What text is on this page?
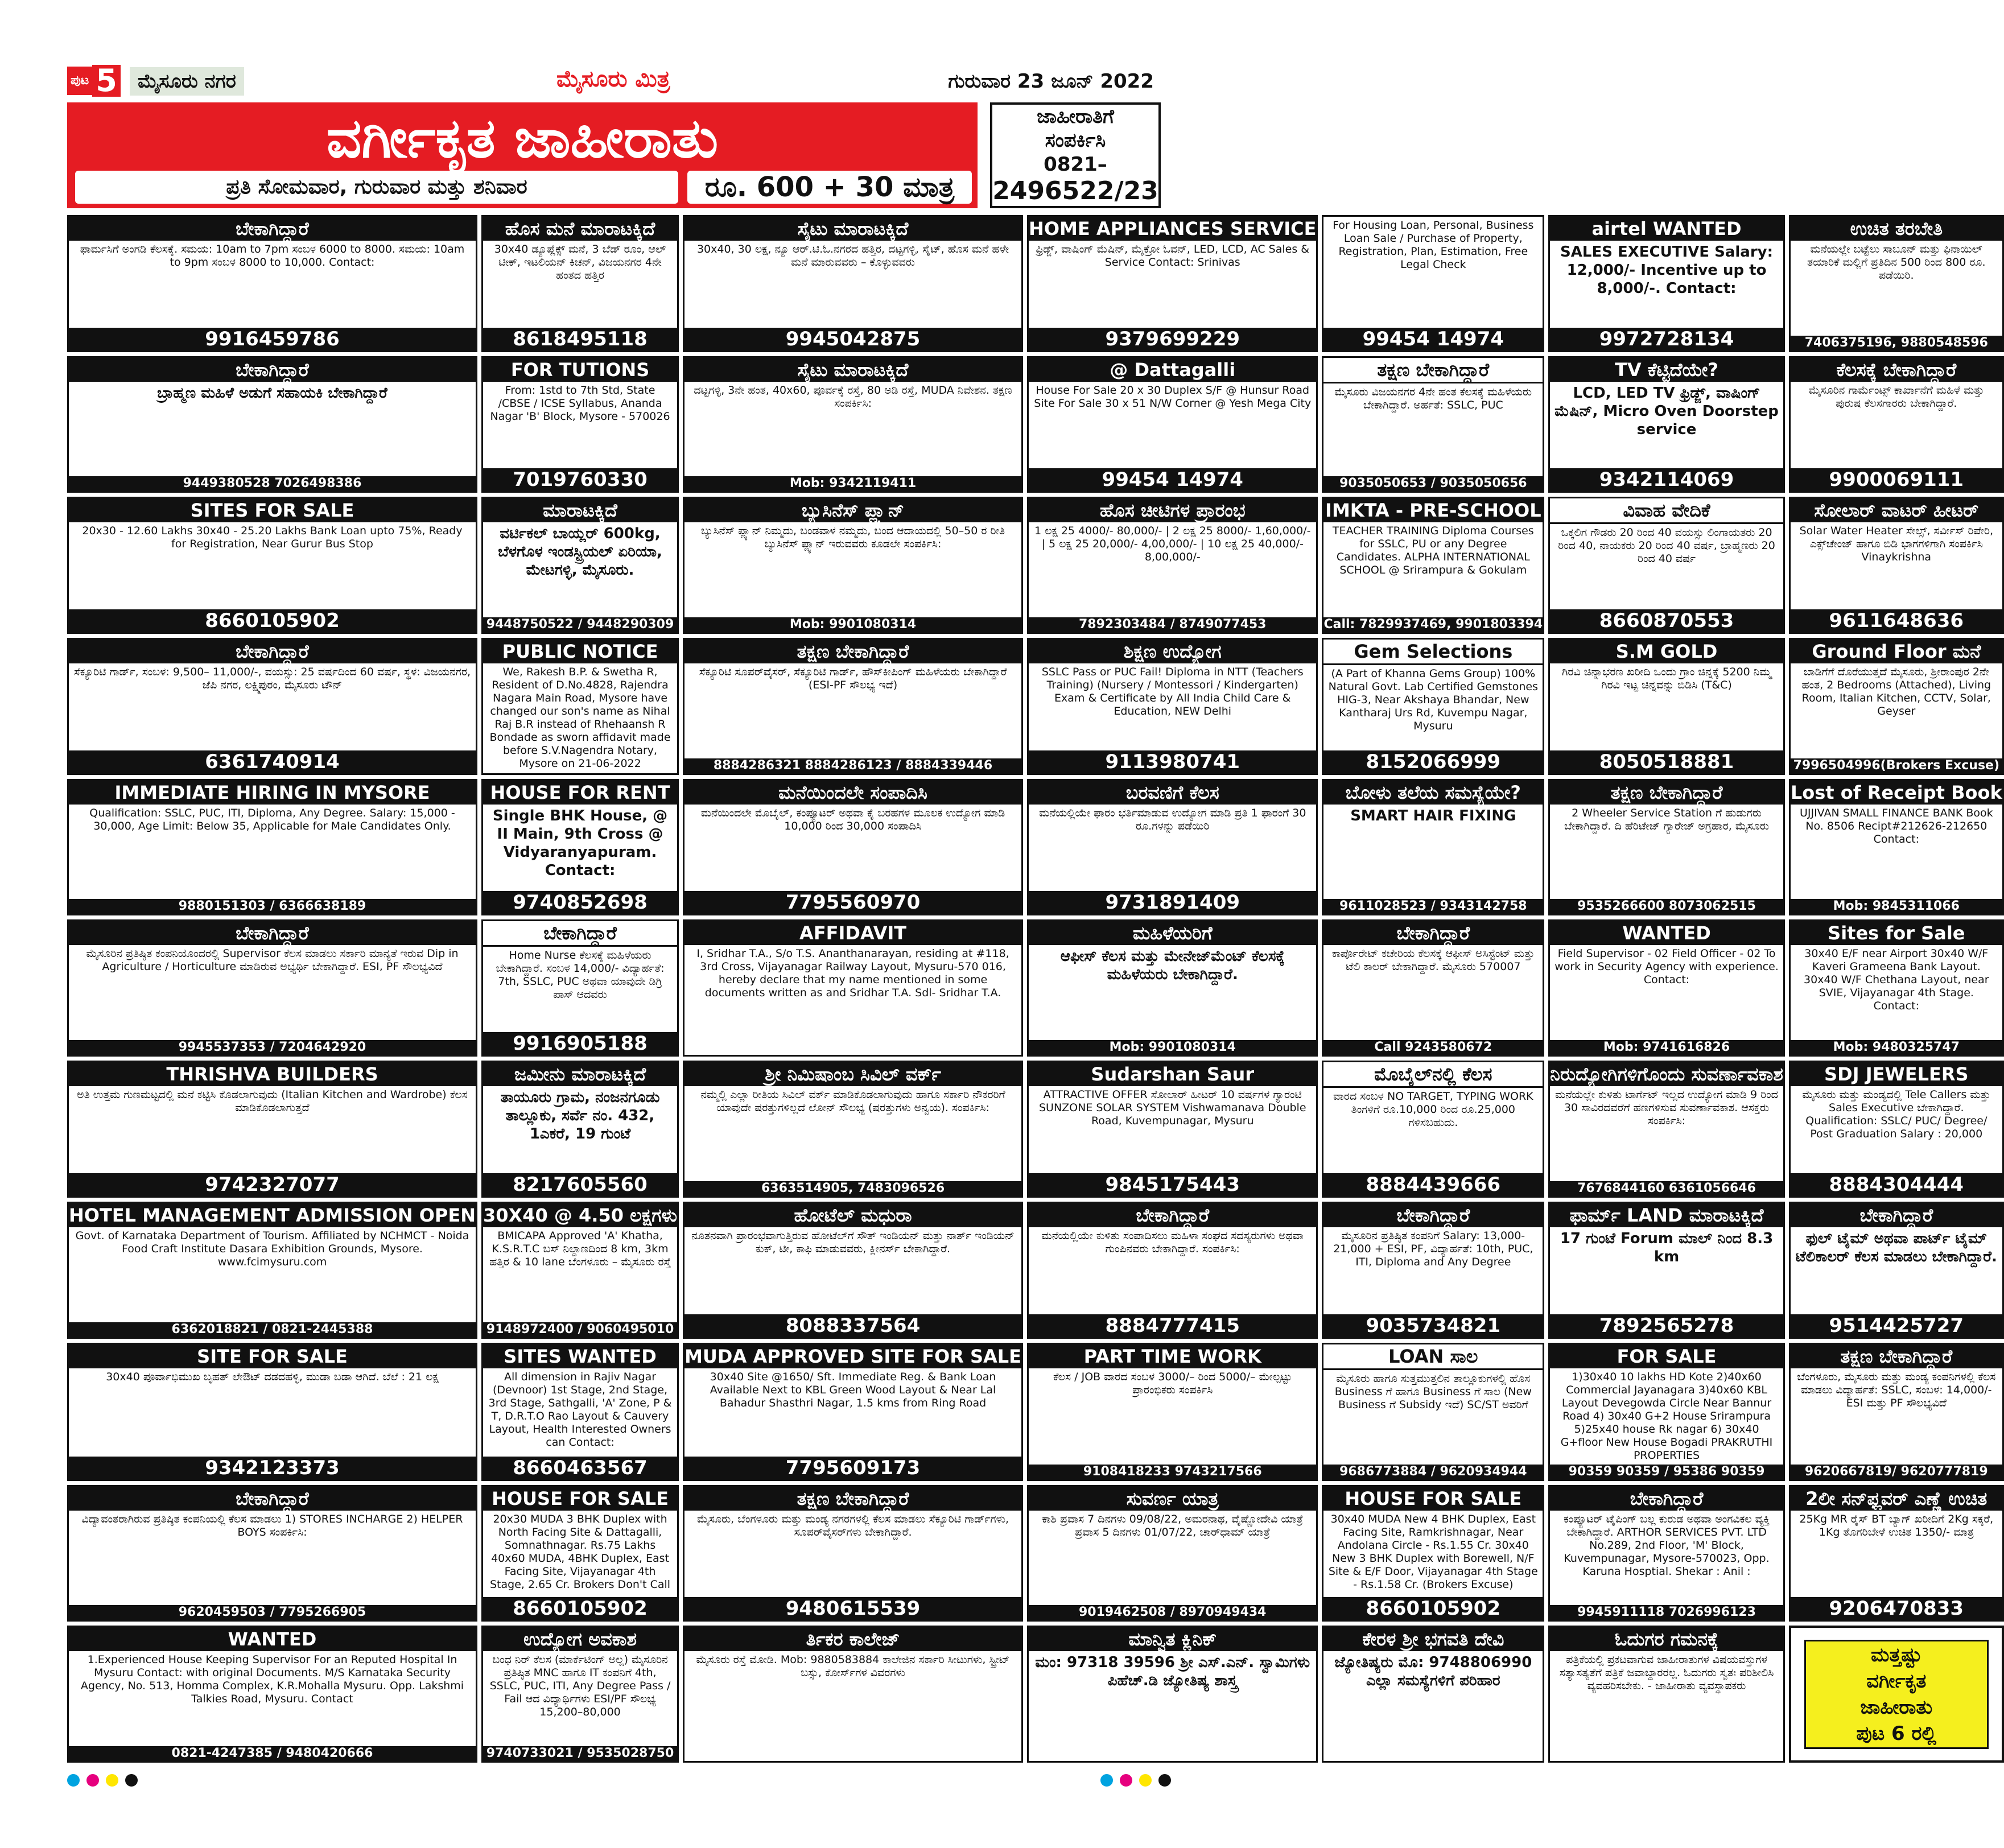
ಪುಟ 5	ಮೈಸೂರು ನಗರ	ಮೈಸೂರು ಮಿತ್ರ	ಗುರುವಾರ 23 ಜೂನ್ 2022
ವರ್ಗೀಕೃತ ಜಾಹೀರಾತು
ಪ್ರತಿ ಸೋಮವಾರ, ಗುರುವಾರ ಮತ್ತು ಶನಿವಾರ	ರೂ. 600 + 30 ಮಾತ್ರ
ಜಾಹೀರಾತಿಗೆ
ಸಂಪರ್ಕಿಸಿ
0821–
2496522/23
ಬೇಕಾಗಿದ್ದಾರೆ
ಫಾರ್ಮಸಿಗೆ ಅಂಗಡಿ ಕೆಲಸಕ್ಕೆ. ಸಮಯ: 10am to 7pm ಸಂಬಳ 6000 to 8000. ಸಮಯ: 10am to 9pm ಸಂಬಳ 8000 to 10,000. Contact:
9916459786
ಹೊಸ ಮನೆ ಮಾರಾಟಕ್ಕಿದೆ
30x40 ಡ್ಯೂಪ್ಲೆಕ್ಸ್ ಮನೆ, 3 ಬೆಡ್ ರೂಂ, ಆಲ್ ಟೀಕ್, ಇಟಲಿಯನ್ ಕಿಚನ್, ವಿಜಯನಗರ 4ನೇ ಹಂತದ ಹತ್ತಿರ
8618495118
ಸೈಟು ಮಾರಾಟಕ್ಕಿದೆ
30x40, 30 ಲಕ್ಷ, ನ್ಯೂ ಆರ್.ಟಿ.ಓ.ನಗರದ ಹತ್ತಿರ, ದಟ್ಟಗಳ್ಳಿ, ಸೈಟ್, ಹೊಸ ಮನೆ ಹಳೇ ಮನೆ ಮಾರುವವರು – ಕೊಳ್ಳುವವರು
9945042875
HOME APPLIANCES SERVICE
ಫ್ರಿಡ್ಜ್, ವಾಷಿಂಗ್ ಮೆಷಿನ್, ಮೈಕ್ರೋ ಓವನ್, LED, LCD, AC Sales & Service Contact: Srinivas
9379699229
For Housing Loan, Personal, Business Loan Sale / Purchase of Property, Registration, Plan, Estimation, Free Legal Check
99454 14974
airtel WANTED
SALES EXECUTIVE Salary: 12,000/- Incentive up to 8,000/-. Contact:
9972728134
ಉಚಿತ ತರಬೇತಿ
ಮನೆಯಲ್ಲೇ ಬಟ್ಟೆಲು ಸಾಬೂನ್ ಮತ್ತು ಫಿನಾಯಿಲ್ ತಯಾರಿಕೆ ಮಲ್ಲಿಗೆ ಪ್ರತಿದಿನ 500 ರಿಂದ 800 ರೂ. ಪಡೆಯಿರಿ.
7406375196, 9880548596
ಬೇಕಾಗಿದ್ದಾರೆ
ಬ್ರಾಹ್ಮಣ ಮಹಿಳೆ ಅಡುಗೆ ಸಹಾಯಕಿ ಬೇಕಾಗಿದ್ದಾರೆ
9449380528 7026498386
FOR TUTIONS
From: 1std to 7th Std, State /CBSE / ICSE Syllabus, Ananda Nagar 'B' Block, Mysore - 570026
7019760330
ಸೈಟು ಮಾರಾಟಕ್ಕಿದೆ
ದಟ್ಟಗಳ್ಳಿ, 3ನೇ ಹಂತ, 40x60, ಪೂರ್ವಕ್ಕೆ ರಸ್ತೆ, 80 ಅಡಿ ರಸ್ತೆ, MUDA ನಿವೇಶನ. ತಕ್ಷಣ ಸಂಪರ್ಕಿಸಿ:
Mob: 9342119411
@ Dattagalli
House For Sale 20 x 30 Duplex S/F @ Hunsur Road Site For Sale 30 x 51 N/W Corner @ Yesh Mega City
99454 14974
ತಕ್ಷಣ ಬೇಕಾಗಿದ್ದಾರೆ
ಮೈಸೂರು ವಿಜಯನಗರ 4ನೇ ಹಂತ ಕೆಲಸಕ್ಕೆ ಮಹಿಳೆಯರು ಬೇಕಾಗಿದ್ದಾರೆ. ಅರ್ಹತೆ: SSLC, PUC
9035050653 / 9035050656
TV ಕೆಟ್ಟಿದೆಯೇ?
LCD, LED TV ಫ್ರಿಡ್ಜ್, ವಾಷಿಂಗ್ ಮೆಷಿನ್, Micro Oven Doorstep service
9342114069
ಕೆಲಸಕ್ಕೆ ಬೇಕಾಗಿದ್ದಾರೆ
ಮೈಸೂರಿನ ಗಾರ್ಮೆಂಟ್ಸ್ ಕಾರ್ಖಾನೆಗೆ ಮಹಿಳೆ ಮತ್ತು ಪುರುಷ ಕೆಲಸಗಾರರು ಬೇಕಾಗಿದ್ದಾರೆ.
9900069111
SITES FOR SALE
20x30 - 12.60 Lakhs 30x40 - 25.20 Lakhs Bank Loan upto 75%, Ready for Registration, Near Gurur Bus Stop
8660105902
ಮಾರಾಟಕ್ಕಿದೆ
ವರ್ಟಿಕಲ್ ಬಾಯ್ಲರ್ 600kg, ಬೆಳಗೊಳ ಇಂಡಸ್ಟ್ರಿಯಲ್ ಏರಿಯಾ, ಮೇಟಗಳ್ಳಿ, ಮೈಸೂರು.
9448750522 / 9448290309
ಬ್ಯುಸಿನೆಸ್ ಪ್ಲ್ಯಾನ್
ಬ್ಯುಸಿನೆಸ್ ಪ್ಲ್ಯಾನ್ ನಿಮ್ಮದು, ಬಂಡವಾಳ ನಮ್ಮದು, ಬಂದ ಆದಾಯದಲ್ಲಿ 50–50 ರ ರೀತಿ ಬ್ಯುಸಿನೆಸ್ ಪ್ಲ್ಯಾನ್ ಇರುವವರು ಕೂಡಲೇ ಸಂಪರ್ಕಿಸಿ:
Mob: 9901080314
ಹೊಸ ಚೀಟಿಗಳ ಪ್ರಾರಂಭ
1 ಲಕ್ಷ 25 4000/- 80,000/- | 2 ಲಕ್ಷ 25 8000/- 1,60,000/- | 5 ಲಕ್ಷ 25 20,000/- 4,00,000/- | 10 ಲಕ್ಷ 25 40,000/- 8,00,000/-
7892303484 / 8749077453
IMKTA - PRE-SCHOOL
TEACHER TRAINING Diploma Courses for SSLC, PU or any Degree Candidates. ALPHA INTERNATIONAL SCHOOL @ Srirampura & Gokulam
Call: 7829937469, 9901803394
ವಿವಾಹ ವೇದಿಕೆ
ಒಕ್ಕಲಿಗ ಗೌಡರು 20 ರಿಂದ 40 ವಯಸ್ಸು ಲಿಂಗಾಯತರು 20 ರಿಂದ 40, ನಾಯಕರು 20 ರಿಂದ 40 ವರ್ಷ, ಬ್ರಾಹ್ಮಣರು 20 ರಿಂದ 40 ವರ್ಷ
8660870553
ಸೋಲಾರ್ ವಾಟರ್ ಹೀಟರ್
Solar Water Heater ಸೇಲ್ಸ್, ಸರ್ವೀಸ್ ರಿಪೇರಿ, ಎಕ್ಸ್‌ಚೇಂಜ್ ಹಾಗೂ ಬಿಡಿ ಭಾಗಗಳಿಗಾಗಿ ಸಂಪರ್ಕಿಸಿ Vinaykrishna
9611648636
ಬೇಕಾಗಿದ್ದಾರೆ
ಸೆಕ್ಯೂರಿಟಿ ಗಾರ್ಡ್, ಸಂಬಳ: 9,500– 11,000/-, ವಯಸ್ಸು: 25 ವರ್ಷದಿಂದ 60 ವರ್ಷ, ಸ್ಥಳ: ವಿಜಯನಗರ, ಜೆಪಿ ನಗರ, ಲಕ್ಷ್ಮಿಪುರಂ, ಮೈಸೂರು ಟೌನ್
6361740914
PUBLIC NOTICE
We, Rakesh B.P. & Swetha R, Resident of D.No.4828, Rajendra Nagara Main Road, Mysore have changed our son's name as Nihal Raj B.R instead of Rhehaansh R Bondade as sworn affidavit made before S.V.Nagendra Notary, Mysore on 21-06-2022
ತಕ್ಷಣ ಬೇಕಾಗಿದ್ದಾರೆ
ಸೆಕ್ಯೂರಿಟಿ ಸೂಪರ್‌ವೈಸರ್, ಸೆಕ್ಯೂರಿಟಿ ಗಾರ್ಡ್, ಹೌಸ್‌ಕೀಪಿಂಗ್ ಮಹಿಳೆಯರು ಬೇಕಾಗಿದ್ದಾರೆ (ESI-PF ಸೌಲಭ್ಯ ಇದೆ)
8884286321 8884286123 / 8884339446
ಶಿಕ್ಷಣ ಉದ್ಯೋಗ
SSLC Pass or PUC Fail! Diploma in NTT (Teachers Training) (Nursery / Montessori / Kindergarten) Exam & Certificate by All India Child Care & Education, NEW Delhi
9113980741
Gem Selections
(A Part of Khanna Gems Group) 100% Natural Govt. Lab Certified Gemstones HIG-3, Near Akshaya Bhandar, New Kantharaj Urs Rd, Kuvempu Nagar, Mysuru
8152066999
S.M GOLD
ಗಿರವಿ ಚಿನ್ನಾಭರಣ ಖರೀದಿ ಒಂದು ಗ್ರಾಂ ಚಿನ್ನಕ್ಕೆ 5200 ನಿಮ್ಮ ಗಿರವಿ ಇಟ್ಟ ಚಿನ್ನವನ್ನು ಬಿಡಿಸಿ (T&C)
8050518881
Ground Floor ಮನೆ
ಬಾಡಿಗೆಗೆ ದೊರೆಯುತ್ತದೆ ಮೈಸೂರು, ಶ್ರೀರಾಂಪುರ 2ನೇ ಹಂತ, 2 Bedrooms (Attached), Living Room, Italian Kitchen, CCTV, Solar, Geyser
7996504996(Brokers Excuse)
IMMEDIATE HIRING IN MYSORE
Qualification: SSLC, PUC, ITI, Diploma, Any Degree. Salary: 15,000 - 30,000, Age Limit: Below 35, Applicable for Male Candidates Only.
9880151303 / 6366638189
HOUSE FOR RENT
Single BHK House, @ II Main, 9th Cross @ Vidyaranyapuram. Contact:
9740852698
ಮನೆಯಿಂದಲೇ ಸಂಪಾದಿಸಿ
ಮನೆಯಿಂದಲೇ ಮೊಬೈಲ್, ಕಂಪ್ಯೂಟರ್ ಅಥವಾ ಕೈ ಬರಹಗಳ ಮೂಲಕ ಉದ್ಯೋಗ ಮಾಡಿ 10,000 ರಿಂದ 30,000 ಸಂಪಾದಿಸಿ
7795560970
ಬರವಣಿಗೆ ಕೆಲಸ
ಮನೆಯಲ್ಲಿಯೇ ಫಾರಂ ಭರ್ತಿಮಾಡುವ ಉದ್ಯೋಗ ಮಾಡಿ ಪ್ರತಿ 1 ಫಾರಂಗೆ 30 ರೂ.ಗಳನ್ನು ಪಡೆಯಿರಿ
9731891409
ಬೋಳು ತಲೆಯ ಸಮಸ್ಯೆಯೇ?
SMART HAIR FIXING
9611028523 / 9343142758
ತಕ್ಷಣ ಬೇಕಾಗಿದ್ದಾರೆ
2 Wheeler Service Station ಗೆ ಹುಡುಗರು ಬೇಕಾಗಿದ್ದಾರೆ. ದಿ ಹೆರಿಟೇಜ್ ಗ್ಯಾರೇಜ್ ಅಗ್ರಹಾರ, ಮೈಸೂರು
9535266600 8073062515
Lost of Receipt Book
UJJIVAN SMALL FINANCE BANK Book No. 8506 Recipt#212626-212650 Contact:
Mob: 9845311066
ಬೇಕಾಗಿದ್ದಾರೆ
ಮೈಸೂರಿನ ಪ್ರತಿಷ್ಠಿತ ಕಂಪನಿಯೊಂದರಲ್ಲಿ Supervisor ಕೆಲಸ ಮಾಡಲು ಸರ್ಕಾರಿ ಮಾನ್ಯತೆ ಇರುವ Dip in Agriculture / Horticulture ಮಾಡಿರುವ ಅಭ್ಯರ್ಥಿ ಬೇಕಾಗಿದ್ದಾರೆ. ESI, PF ಸೌಲಭ್ಯವಿದೆ
9945537353 / 7204642920
ಬೇಕಾಗಿದ್ದಾರೆ
Home Nurse ಕೆಲಸಕ್ಕೆ ಮಹಿಳೆಯರು ಬೇಕಾಗಿದ್ದಾರೆ. ಸಂಬಳ 14,000/- ವಿದ್ಯಾರ್ಹತೆ: 7th, SSLC, PUC ಅಥವಾ ಯಾವುದೇ ಡಿಗ್ರಿ ಪಾಸ್ ಆದವರು
9916905188
AFFIDAVIT
I, Sridhar T.A., S/o T.S. Ananthanarayan, residing at #118, 3rd Cross, Vijayanagar Railway Layout, Mysuru-570 016, hereby declare that my name mentioned in some documents written as and Sridhar T.A. Sdl- Sridhar T.A.
ಮಹಿಳೆಯರಿಗೆ
ಆಫೀಸ್ ಕೆಲಸ ಮತ್ತು ಮೇನೇಜ್‌ಮೆಂಟ್ ಕೆಲಸಕ್ಕೆ ಮಹಿಳೆಯರು ಬೇಕಾಗಿದ್ದಾರೆ.
Mob: 9901080314
ಬೇಕಾಗಿದ್ದಾರೆ
ಕಾರ್ಪೊರೇಟ್ ಕಚೇರಿಯ ಕೆಲಸಕ್ಕೆ ಆಫೀಸ್ ಅಸಿಸ್ಟೆಂಟ್ ಮತ್ತು ಟೆಲಿ ಕಾಲರ್ ಬೇಕಾಗಿದ್ದಾರೆ. ಮೈಸೂರು 570007
Call 9243580672
WANTED
Field Supervisor - 02 Field Officer - 02 To work in Security Agency with experience. Contact:
Mob: 9741616826
Sites for Sale
30x40 E/F near Airport 30x40 W/F Kaveri Grameena Bank Layout. 30x40 W/F Chethana Layout, near SVIE, Vijayanagar 4th Stage. Contact:
Mob: 9480325747
THRISHVA BUILDERS
ಅತಿ ಉತ್ತಮ ಗುಣಮಟ್ಟದಲ್ಲಿ ಮನೆ ಕಟ್ಟಿಸಿ ಕೊಡಲಾಗುವುದು (Italian Kitchen and Wardrobe) ಕೆಲಸ ಮಾಡಿಕೊಡಲಾಗುತ್ತದೆ
9742327077
ಜಮೀನು ಮಾರಾಟಕ್ಕಿದೆ
ತಾಯೂರು ಗ್ರಾಮ, ನಂಜನಗೂಡು ತಾಲ್ಲೂಕು, ಸರ್ವೆ ನಂ. 432, 1ಎಕರೆ, 19 ಗುಂಟೆ
8217605560
ಶ್ರೀ ನಿಮಿಷಾಂಬ ಸಿವಿಲ್ ವರ್ಕ್
ನಮ್ಮಲ್ಲಿ ಎಲ್ಲಾ ರೀತಿಯ ಸಿವಿಲ್ ವರ್ಕ್ ಮಾಡಿಕೊಡಲಾಗುವುದು ಹಾಗೂ ಸರ್ಕಾರಿ ನೌಕರರಿಗೆ ಯಾವುದೇ ಷರತ್ತುಗಳಿಲ್ಲದೆ ಲೋನ್ ಸೌಲಭ್ಯ (ಷರತ್ತುಗಳು ಅನ್ವಯ). ಸಂಪರ್ಕಿಸಿ:
6363514905, 7483096526
Sudarshan Saur
ATTRACTIVE OFFER ಸೋಲಾರ್ ಹೀಟರ್ 10 ವರ್ಷಗಳ ಗ್ಯಾರಂಟಿ SUNZONE SOLAR SYSTEM Vishwamanava Double Road, Kuvempunagar, Mysuru
9845175443
ಮೊಬೈಲ್‌ನಲ್ಲಿ ಕೆಲಸ
ವಾರದ ಸಂಬಳ NO TARGET, TYPING WORK ತಿಂಗಳಿಗೆ ರೂ.10,000 ರಿಂದ ರೂ.25,000 ಗಳಿಸಬಹುದು.
8884439666
ನಿರುದ್ಯೋಗಿಗಳಿಗೊಂದು ಸುವರ್ಣಾವಕಾಶ
ಮನೆಯಲ್ಲೇ ಕುಳಿತು ಟಾರ್ಗೆಟ್ ಇಲ್ಲದ ಉದ್ಯೋಗ ಮಾಡಿ 9 ರಿಂದ 30 ಸಾವಿರದವರೆಗೆ ಹಣಗಳಿಸುವ ಸುವರ್ಣಾವಕಾಶ. ಆಸಕ್ತರು ಸಂಪರ್ಕಿಸಿ:
7676844160 6361056646
SDJ JEWELERS
ಮೈಸೂರು ಮತ್ತು ಮಂಡ್ಯದಲ್ಲಿ Tele Callers ಮತ್ತು Sales Executive ಬೇಕಾಗಿದ್ದಾರೆ. Qualification: SSLC/ PUC/ Degree/ Post Graduation Salary : 20,000
8884304444
HOTEL MANAGEMENT ADMISSION OPEN
Govt. of Karnataka Department of Tourism. Affiliated by NCHMCT - Noida Food Craft Institute Dasara Exhibition Grounds, Mysore. www.fcimysuru.com
6362018821 / 0821-2445388
30X40 @ 4.50 ಲಕ್ಷಗಳು
BMICAPA Approved 'A' Khatha, K.S.R.T.C ಬಸ್ ನಿಲ್ದಾಣದಿಂದ 8 km, 3km ಹತ್ತಿರ & 10 lane ಬೆಂಗಳೂರು – ಮೈಸೂರು ರಸ್ತೆ
9148972400 / 9060495010
ಹೋಟೆಲ್ ಮಧುರಾ
ನೂತನವಾಗಿ ಪ್ರಾರಂಭವಾಗುತ್ತಿರುವ ಹೋಟೆಲ್‌ಗೆ ಸೌತ್ ಇಂಡಿಯನ್ ಮತ್ತು ನಾರ್ತ್ ಇಂಡಿಯನ್ ಕುಕ್, ಟೀ, ಕಾಫಿ ಮಾಡುವವರು, ಕ್ಲೀನರ್ಸ್ ಬೇಕಾಗಿದ್ದಾರೆ.
8088337564
ಬೇಕಾಗಿದ್ದಾರೆ
ಮನೆಯಲ್ಲಿಯೇ ಕುಳಿತು ಸಂಪಾದಿಸಲು ಮಹಿಳಾ ಸಂಘದ ಸದಸ್ಯರುಗಳು ಅಥವಾ ಗುಂಪಿನವರು ಬೇಕಾಗಿದ್ದಾರೆ. ಸಂಪರ್ಕಿಸಿ:
8884777415
ಬೇಕಾಗಿದ್ದಾರೆ
ಮೈಸೂರಿನ ಪ್ರತಿಷ್ಠಿತ ಕಂಪನಿಗೆ Salary: 13,000-21,000 + ESI, PF, ವಿದ್ಯಾರ್ಹತೆ: 10th, PUC, ITI, Diploma and Any Degree
9035734821
ಫಾರ್ಮ್ LAND ಮಾರಾಟಕ್ಕಿದೆ
17 ಗುಂಟೆ Forum ಮಾಲ್ ನಿಂದ 8.3 km
7892565278
ಬೇಕಾಗಿದ್ದಾರೆ
ಫುಲ್ ಟೈಮ್ ಅಥವಾ ಪಾರ್ಟ್ ಟೈಮ್ ಟೆಲಿಕಾಲರ್ ಕೆಲಸ ಮಾಡಲು ಬೇಕಾಗಿದ್ದಾರೆ.
9514425727
SITE FOR SALE
30x40 ಪೂರ್ವಾಭಿಮುಖ ಬೃಹತ್ ಲೇಔಟ್ ದಡದಹಳ್ಳಿ, ಮುಡಾ ಬಡಾ ಆಗಿದೆ. ಬೆಲೆ : 21 ಲಕ್ಷ
9342123373
SITES WANTED
All dimension in Rajiv Nagar (Devnoor) 1st Stage, 2nd Stage, 3rd Stage, Sathgalli, 'A' Zone, P & T, D.R.T.O Rao Layout & Cauvery Layout, Health Interested Owners can Contact:
8660463567
MUDA APPROVED SITE FOR SALE
30x40 Site @1650/ Sft. Immediate Reg. & Bank Loan Available Next to KBL Green Wood Layout & Near Lal Bahadur Shasthri Nagar, 1.5 kms from Ring Road
7795609173
PART TIME WORK
ಕೆಲಸ / JOB ವಾರದ ಸಂಬಳ 3000/– ರಿಂದ 5000/– ಮೇಲ್ಪಟ್ಟು ಪ್ರಾರಂಭಿಕರು ಸಂಪರ್ಕಿಸಿ
9108418233 9743217566
LOAN ಸಾಲ
ಮೈಸೂರು ಹಾಗೂ ಸುತ್ತಮುತ್ತಲಿನ ತಾಲ್ಲೂಕುಗಳಲ್ಲಿ ಹೊಸ Business ಗೆ ಹಾಗೂ Business ಗೆ ಸಾಲ (New Business ಗೆ Subsidy ಇದೆ) SC/ST ಅವರಿಗೆ
9686773884 / 9620934944
FOR SALE
1)30x40 10 lakhs HD Kote 2)40x60 Commercial Jayanagara 3)40x60 KBL Layout Devegowda Circle Near Bannur Road 4) 30x40 G+2 House Srirampura 5)25x40 house Rk nagar 6) 30x40 G+floor New House Bogadi PRAKRUTHI PROPERTIES
90359 90359 / 95386 90359
ತಕ್ಷಣ ಬೇಕಾಗಿದ್ದಾರೆ
ಬೆಂಗಳೂರು, ಮೈಸೂರು ಮತ್ತು ಮಂಡ್ಯ ಕಂಪನಿಗಳಲ್ಲಿ ಕೆಲಸ ಮಾಡಲು ವಿದ್ಯಾರ್ಹತೆ: SSLC, ಸಂಬಳ: 14,000/- ESI ಮತ್ತು PF ಸೌಲಭ್ಯವಿದೆ
9620667819/ 9620777819
ಬೇಕಾಗಿದ್ದಾರೆ
ವಿದ್ಯಾವಂತರಾಗಿರುವ ಪ್ರತಿಷ್ಠಿತ ಕಂಪನಿಯಲ್ಲಿ ಕೆಲಸ ಮಾಡಲು 1) STORES INCHARGE 2) HELPER BOYS ಸಂಪರ್ಕಿಸಿ:
9620459503 / 7795266905
HOUSE FOR SALE
20x30 MUDA 3 BHK Duplex with North Facing Site & Dattagalli, Somnathnagar. Rs.75 Lakhs 40x60 MUDA, 4BHK Duplex, East Facing Site, Vijayanagar 4th Stage, 2.65 Cr. Brokers Don't Call
8660105902
ತಕ್ಷಣ ಬೇಕಾಗಿದ್ದಾರೆ
ಮೈಸೂರು, ಬೆಂಗಳೂರು ಮತ್ತು ಮಂಡ್ಯ ನಗರಗಳಲ್ಲಿ ಕೆಲಸ ಮಾಡಲು ಸೆಕ್ಯೂರಿಟಿ ಗಾರ್ಡ್‌ಗಳು, ಸೂಪರ್‌ವೈಸರ್‌ಗಳು ಬೇಕಾಗಿದ್ದಾರೆ.
9480615539
ಸುವರ್ಣ ಯಾತ್ರ
ಕಾಶಿ ಪ್ರವಾಸ 7 ದಿನಗಳು 09/08/22, ಅಮರನಾಥ, ವೈಷ್ಣೋದೇವಿ ಯಾತ್ರೆ ಪ್ರವಾಸ 5 ದಿನಗಳು 01/07/22, ಚಾರ್‌ಧಾಮ್ ಯಾತ್ರೆ
9019462508 / 8970949434
HOUSE FOR SALE
30x40 MUDA New 4 BHK Duplex, East Facing Site, Ramkrishnagar, Near Andolana Circle - Rs.1.55 Cr. 30x40 New 3 BHK Duplex with Borewell, N/F Site & E/F Door, Vijayanagar 4th Stage - Rs.1.58 Cr. (Brokers Excuse)
8660105902
ಬೇಕಾಗಿದ್ದಾರೆ
ಕಂಪ್ಯೂಟರ್ ಟೈಪಿಂಗ್ ಬಲ್ಲ ಕುರುಡ ಅಥವಾ ಅಂಗವಿಕಲ ವ್ಯಕ್ತಿ ಬೇಕಾಗಿದ್ದಾರೆ. ARTHOR SERVICES PVT. LTD No.289, 2nd Floor, 'M' Block, Kuvempunagar, Mysore-570023, Opp. Karuna Hosptial. Shekar : Anil :
9945911118 7026996123
2ಲೀ ಸನ್‌ಫ್ಲವರ್ ಎಣ್ಣೆ ಉಚಿತ
25Kg MR ರೈಸ್ BT ಬ್ಯಾಗ್ ಖರೀದಿಗೆ 2Kg ಸಕ್ಕರೆ, 1Kg ತೊಗರಿಬೇಳೆ ಉಚಿತ 1350/- ಮಾತ್ರ
9206470833
WANTED
1.Experienced House Keeping Supervisor For an Reputed Hospital In Mysuru Contact: with original Documents. M/S Karnataka Security Agency, No. 513, Homma Complex, K.R.Mohalla Mysuru. Opp. Lakshmi Talkies Road, Mysuru. Contact
0821-4247385 / 9480420666
ಉದ್ಯೋಗ ಅವಕಾಶ
ಬಂಧ ನಿರ್ ಕೆಲಸ (ಮಾರ್ಕೆಟಿಂಗ್ ಅಲ್ಲ) ಮೈಸೂರಿನ ಪ್ರತಿಷ್ಠಿತ MNC ಹಾಗೂ IT ಕಂಪನಿಗೆ 4th, SSLC, PUC, ITI, Any Degree Pass / Fail ಆದ ವಿದ್ಯಾರ್ಥಿಗಳು ESI/PF ಸೌಲಭ್ಯ 15,200–80,000
9740733021 / 9535028750
ರ್ತಿಕರ ಕಾಲೇಜ್
ಮೈಸೂರು ರಸ್ತೆ ಮೋಡಿ. Mob: 9880583884 ಕಾಲೇಜಿನ ಸರ್ಕಾರಿ ಸೀಟುಗಳು, ಸ್ಟ್ರೀಟ್ ಬಸ್ಸು, ಕೋರ್ಸ್‌ಗಳ ವಿವರಗಳು
ಮಾನ್ವಿತ ಕ್ಲಿನಿಕ್
ಮಂ: 97318 39596 ಶ್ರೀ ಎಸ್.ಎನ್. ಸ್ವಾಮಿಗಳು ಪಿಹೆಚ್.ಡಿ ಜ್ಯೋತಿಷ್ಯ ಶಾಸ್ತ್ರ
ಕೇರಳ ಶ್ರೀ ಭಗವತಿ ದೇವಿ
ಜ್ಯೋತಿಷ್ಯರು ಮೊ: 9748806990 ಎಲ್ಲಾ ಸಮಸ್ಯೆಗಳಿಗೆ ಪರಿಹಾರ
ಓದುಗರ ಗಮನಕ್ಕೆ
ಪತ್ರಿಕೆಯಲ್ಲಿ ಪ್ರಕಟವಾಗುವ ಜಾಹೀರಾತುಗಳ ವಿಷಯವಸ್ತುಗಳ ಸತ್ಯಾಸತ್ಯತೆಗೆ ಪತ್ರಿಕೆ ಜವಾಬ್ದಾರರಲ್ಲ. ಓದುಗರು ಸ್ವತಃ ಪರಿಶೀಲಿಸಿ ವ್ಯವಹರಿಸಬೇಕು. - ಜಾಹೀರಾತು ವ್ಯವಸ್ಥಾಪಕರು
ಮತ್ತಷ್ಟು
ವರ್ಗೀಕೃತ
ಜಾಹೀರಾತು
ಪುಟ 6 ರಲ್ಲಿ
